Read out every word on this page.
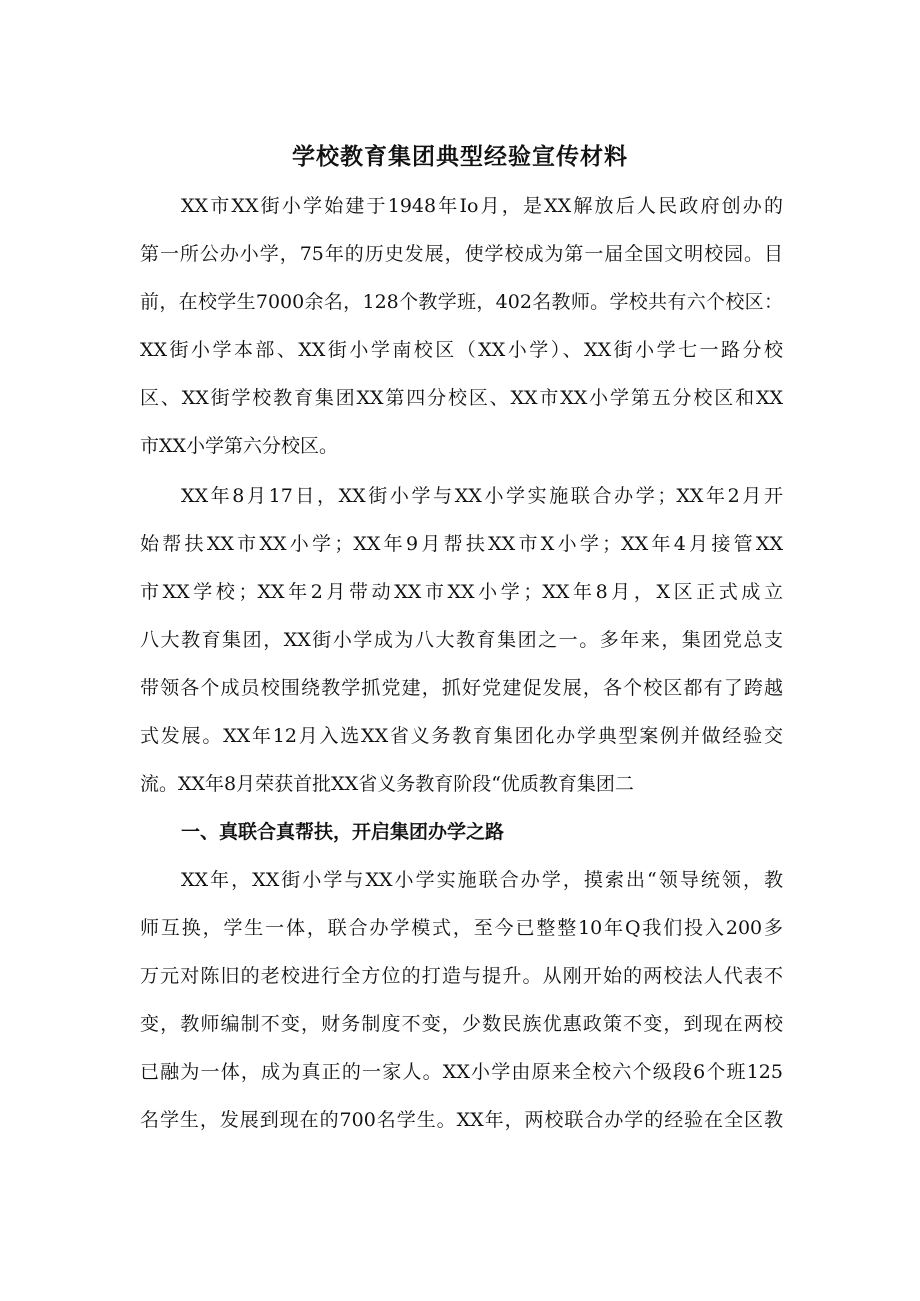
学校教育集团典型经验宣传材料

XX市XX街小学始建于1948年Io月，是XX解放后人民政府创办的

第一所公办小学，75年的历史发展，使学校成为第一届全国文明校园。目

前，在校学生7000余名，128个教学班，402名教师。学校共有六个校区：

XX街小学本部、XX街小学南校区（XX小学）、XX街小学七一路分校

区、XX街学校教育集团XX第四分校区、XX市XX小学第五分校区和XX

市XX小学第六分校区。

XX年8月17日，XX街小学与XX小学实施联合办学；XX年2月开

始帮扶XX市XX小学；XX年9月帮扶XX市X小学；XX年4月接管XX

市XX学校；XX年2月带动XX市XX小学；XX年8月，X区正式成立

八大教育集团，XX街小学成为八大教育集团之一。多年来，集团党总支

带领各个成员校围绕教学抓党建，抓好党建促发展，各个校区都有了跨越

式发展。XX年12月入选XX省义务教育集团化办学典型案例并做经验交

流。XX年8月荣获首批XX省义务教育阶段“优质教育集团二

一、真联合真帮扶，开启集团办学之路

XX年，XX街小学与XX小学实施联合办学，摸索出“领导统领，教

师互换，学生一体，联合办学模式，至今已整整10年Q我们投入200多

万元对陈旧的老校进行全方位的打造与提升。从刚开始的两校法人代表不

变，教师编制不变，财务制度不变，少数民族优惠政策不变，到现在两校

已融为一体，成为真正的一家人。XX小学由原来全校六个级段6个班125

名学生，发展到现在的700名学生。XX年，两校联合办学的经验在全区教
